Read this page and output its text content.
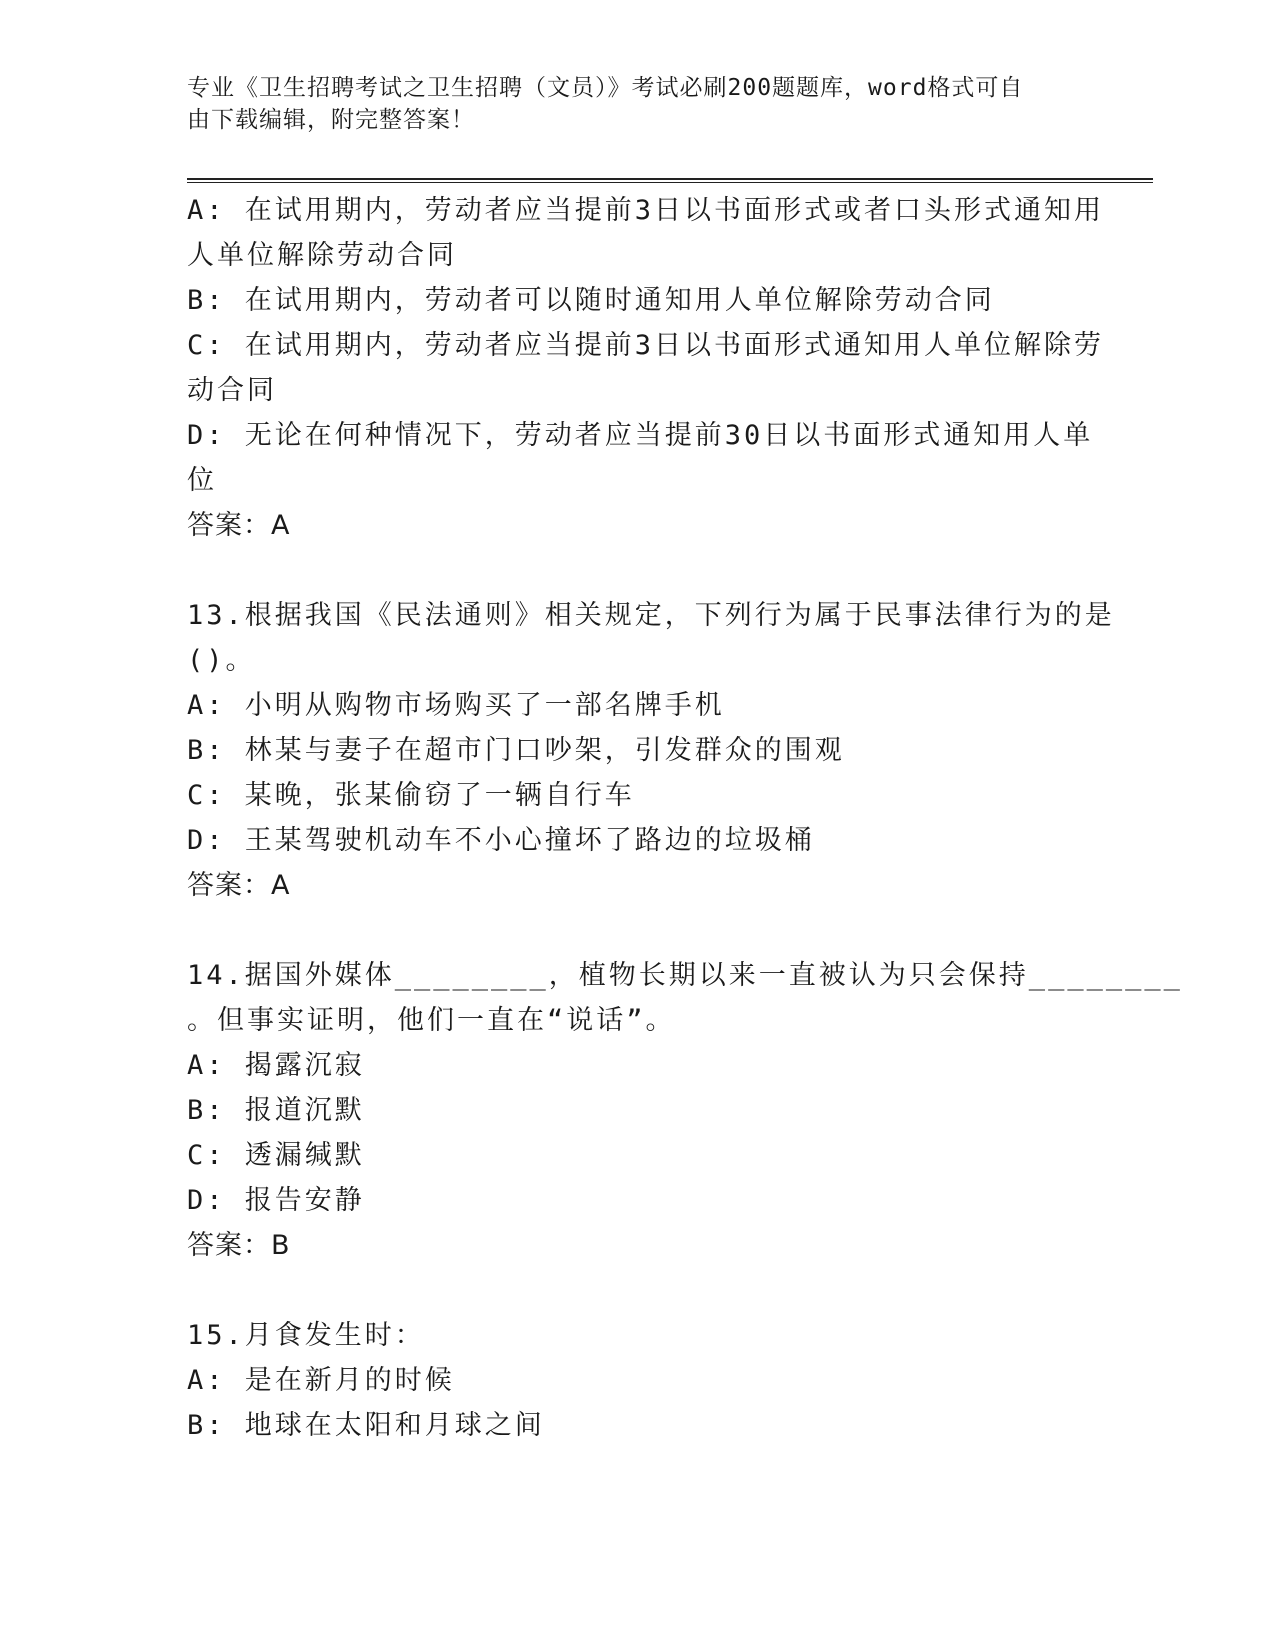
专业《卫生招聘考试之卫生招聘（文员）》考试必刷200题题库，word格式可自
由下载编辑，附完整答案！
A: 在试用期内，劳动者应当提前3日以书面形式或者口头形式通知用
人单位解除劳动合同
B: 在试用期内，劳动者可以随时通知用人单位解除劳动合同
C: 在试用期内，劳动者应当提前3日以书面形式通知用人单位解除劳
动合同
D: 无论在何种情况下，劳动者应当提前30日以书面形式通知用人单
位
答案：A
13.根据我国《民法通则》相关规定，下列行为属于民事法律行为的是
()。
A: 小明从购物市场购买了一部名牌手机
B: 林某与妻子在超市门口吵架，引发群众的围观
C: 某晚，张某偷窃了一辆自行车
D: 王某驾驶机动车不小心撞坏了路边的垃圾桶
答案：A
14.据国外媒体________，植物长期以来一直被认为只会保持________
。但事实证明，他们一直在“说话”。
A: 揭露沉寂
B: 报道沉默
C: 透漏缄默
D: 报告安静
答案：B
15.月食发生时：
A: 是在新月的时候
B: 地球在太阳和月球之间
